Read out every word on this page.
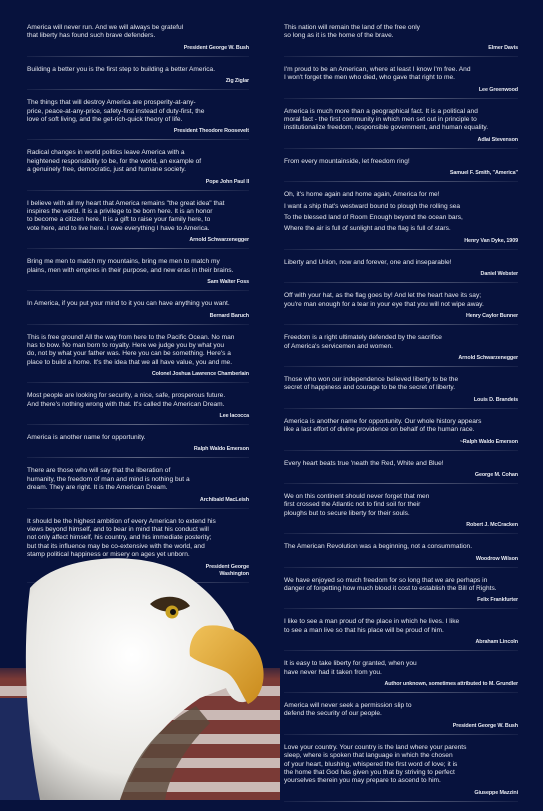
America will never run. And we will always be grateful
that liberty has found such brave defenders.

President George W. Bush

Building a better you is the first step to building a better America.

Zig Ziglar

The things that will destroy America are prosperity-at-any-
price, peace-at-any-price, safety-first instead of duty-first, the
love of soft living, and the get-rich-quick theory of life.

President Theodore Roosevelt

Radical changes in world politics leave America with a
heightened responsibility to be, for the world, an example of
a genuinely free, democratic, just and humane society.

Pope John Paul II

I believe with all my heart that America remains "the great idea" that
inspires the world. It is a privilege to be born here. It is an honor
to become a citizen here. It is a gift to raise your family here, to
vote here, and to live here. I owe everything I have to America.

Arnold Schwarzenegger

Bring me men to match my mountains, bring me men to match my
plains, men with empires in their purpose, and new eras in their brains.

Sam Walter Foss

In America, if you put your mind to it you can have anything you want.

Bernard Baruch

This is free ground! All the way from here to the Pacific Ocean. No man
has to bow. No man born to royalty. Here we judge you by what you
do, not by what your father was. Here you can be something. Here's a
place to build a home. It's the idea that we all have value, you and me.

Colonel Joshua Lawrence Chamberlain

Most people are looking for security, a nice, safe, prosperous future.
And there's nothing wrong with that. It's called the American Dream.

Lee Iacocca

America is another name for opportunity.

Ralph Waldo Emerson

There are those who will say that the liberation of
humanity, the freedom of man and mind is nothing but a
dream. They are right. It is the American Dream.

Archibald MacLeish

It should be the highest ambition of every American to extend his
views beyond himself, and to bear in mind that his conduct will
not only affect himself, his country, and his immediate posterity;
but that its influence may be co-extensive with the world, and
stamp political happiness or misery on ages yet unborn.

President George
Washington

This nation will remain the land of the free only
so long as it is the home of the brave.

Elmer Davis

I'm proud to be an American, where at least I know I'm free. And
I won't forget the men who died, who gave that right to me.

Lee Greenwood

America is much more than a geographical fact. It is a political and
moral fact - the first community in which men set out in principle to
institutionalize freedom, responsible government, and human equality.

Adlai Stevenson

From every mountainside, let freedom ring!

Samuel F. Smith, "America"

Oh, it's home again and home again, America for me!

I want a ship that's westward bound to plough the rolling sea

To the blessed land of Room Enough beyond the ocean bars,

Where the air is full of sunlight and the flag is full of stars.

Henry Van Dyke, 1909

Liberty and Union, now and forever, one and inseparable!

Daniel Webster

Off with your hat, as the flag goes by! And let the heart have its say;
you're man enough for a tear in your eye that you will not wipe away.

Henry Caylor Bunner

Freedom is a right ultimately defended by the sacrifice
of America's servicemen and women.

Arnold Schwarzenegger

Those who won our independence believed liberty to be the
secret of happiness and courage to be the secret of liberty.

Louis D. Brandeis

America is another name for opportunity. Our whole history appears
like a last effort of divine providence on behalf of the human race.

~Ralph Waldo Emerson

Every heart beats true 'neath the Red, White and Blue!

George M. Cohan

We on this continent should never forget that men
first crossed the Atlantic not to find soil for their
ploughs but to secure liberty for their souls.

Robert J. McCracken

The American Revolution was a beginning, not a consummation.

Woodrow Wilson

We have enjoyed so much freedom for so long that we are perhaps in
danger of forgetting how much blood it cost to establish the Bill of Rights.

Felix Frankfurter

I like to see a man proud of the place in which he lives. I like
to see a man live so that his place will be proud of him.

Abraham Lincoln

It is easy to take liberty for granted, when you
have never had it taken from you.

Author unknown, sometimes attributed to M. Grundler

America will never seek a permission slip to
defend the security of our people.

President George W. Bush

Love your country. Your country is the land where your parents
sleep, where is spoken that language in which the chosen
of your heart, blushing, whispered the first word of love; it is
the home that God has given you that by striving to perfect
yourselves therein you may prepare to ascend to him.

Giuseppe Mazzini
